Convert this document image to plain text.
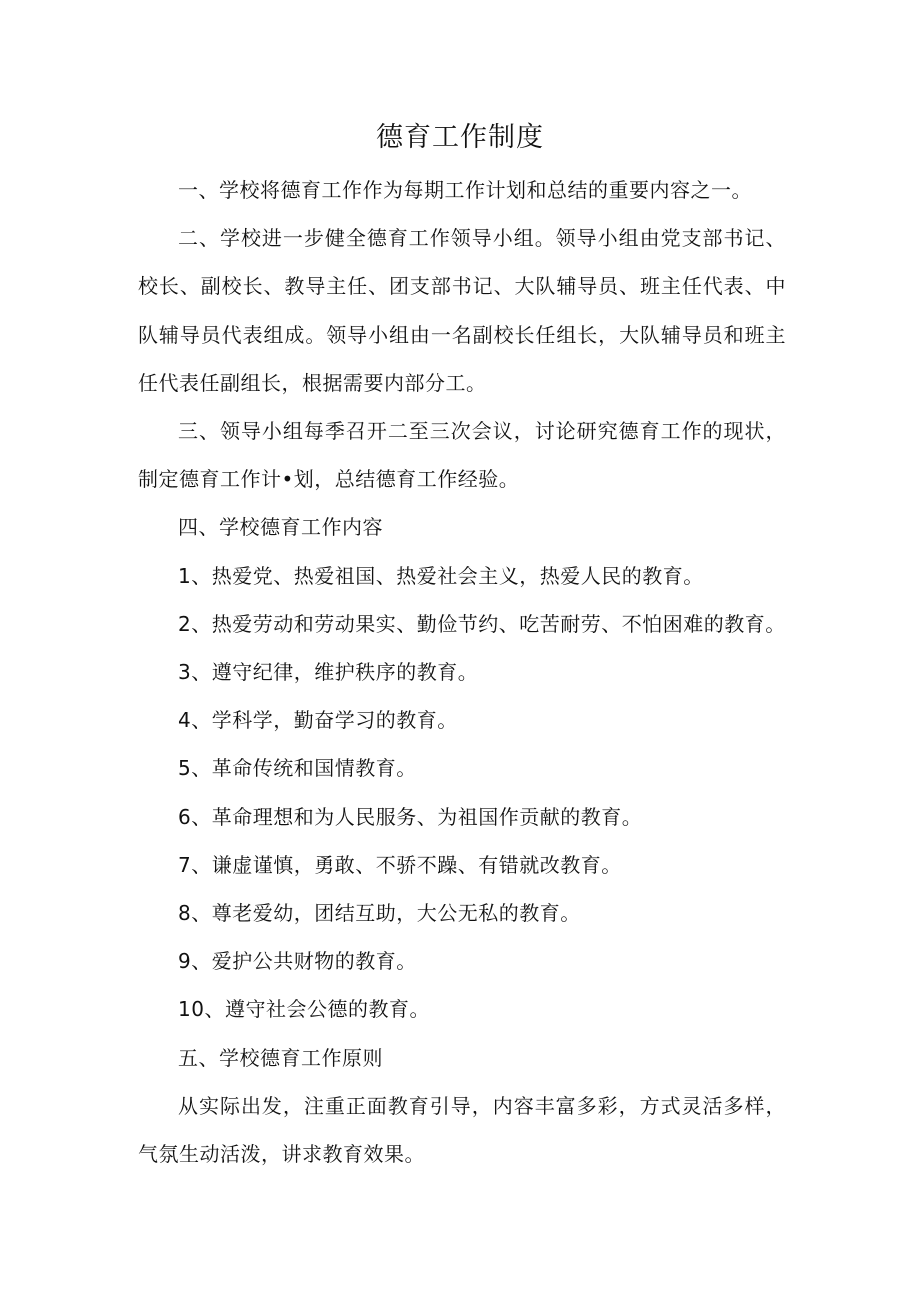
德育工作制度

一、学校将德育工作作为每期工作计划和总结的重要内容之一。

二、学校进一步健全德育工作领导小组。领导小组由党支部书记、校长、副校长、教导主任、团支部书记、大队辅导员、班主任代表、中队辅导员代表组成。领导小组由一名副校长任组长，大队辅导员和班主任代表任副组长，根据需要内部分工。

三、领导小组每季召开二至三次会议，讨论研究德育工作的现状，制定德育工作计•划，总结德育工作经验。

四、学校德育工作内容

1、热爱党、热爱祖国、热爱社会主义，热爱人民的教育。

2、热爱劳动和劳动果实、勤俭节约、吃苦耐劳、不怕困难的教育。

3、遵守纪律，维护秩序的教育。

4、学科学，勤奋学习的教育。

5、革命传统和国情教育。

6、革命理想和为人民服务、为祖国作贡献的教育。

7、谦虚谨慎，勇敢、不骄不躁、有错就改教育。

8、尊老爱幼，团结互助，大公无私的教育。

9、爱护公共财物的教育。

10、遵守社会公德的教育。

五、学校德育工作原则

从实际出发，注重正面教育引导，内容丰富多彩，方式灵活多样，气氛生动活泼，讲求教育效果。
